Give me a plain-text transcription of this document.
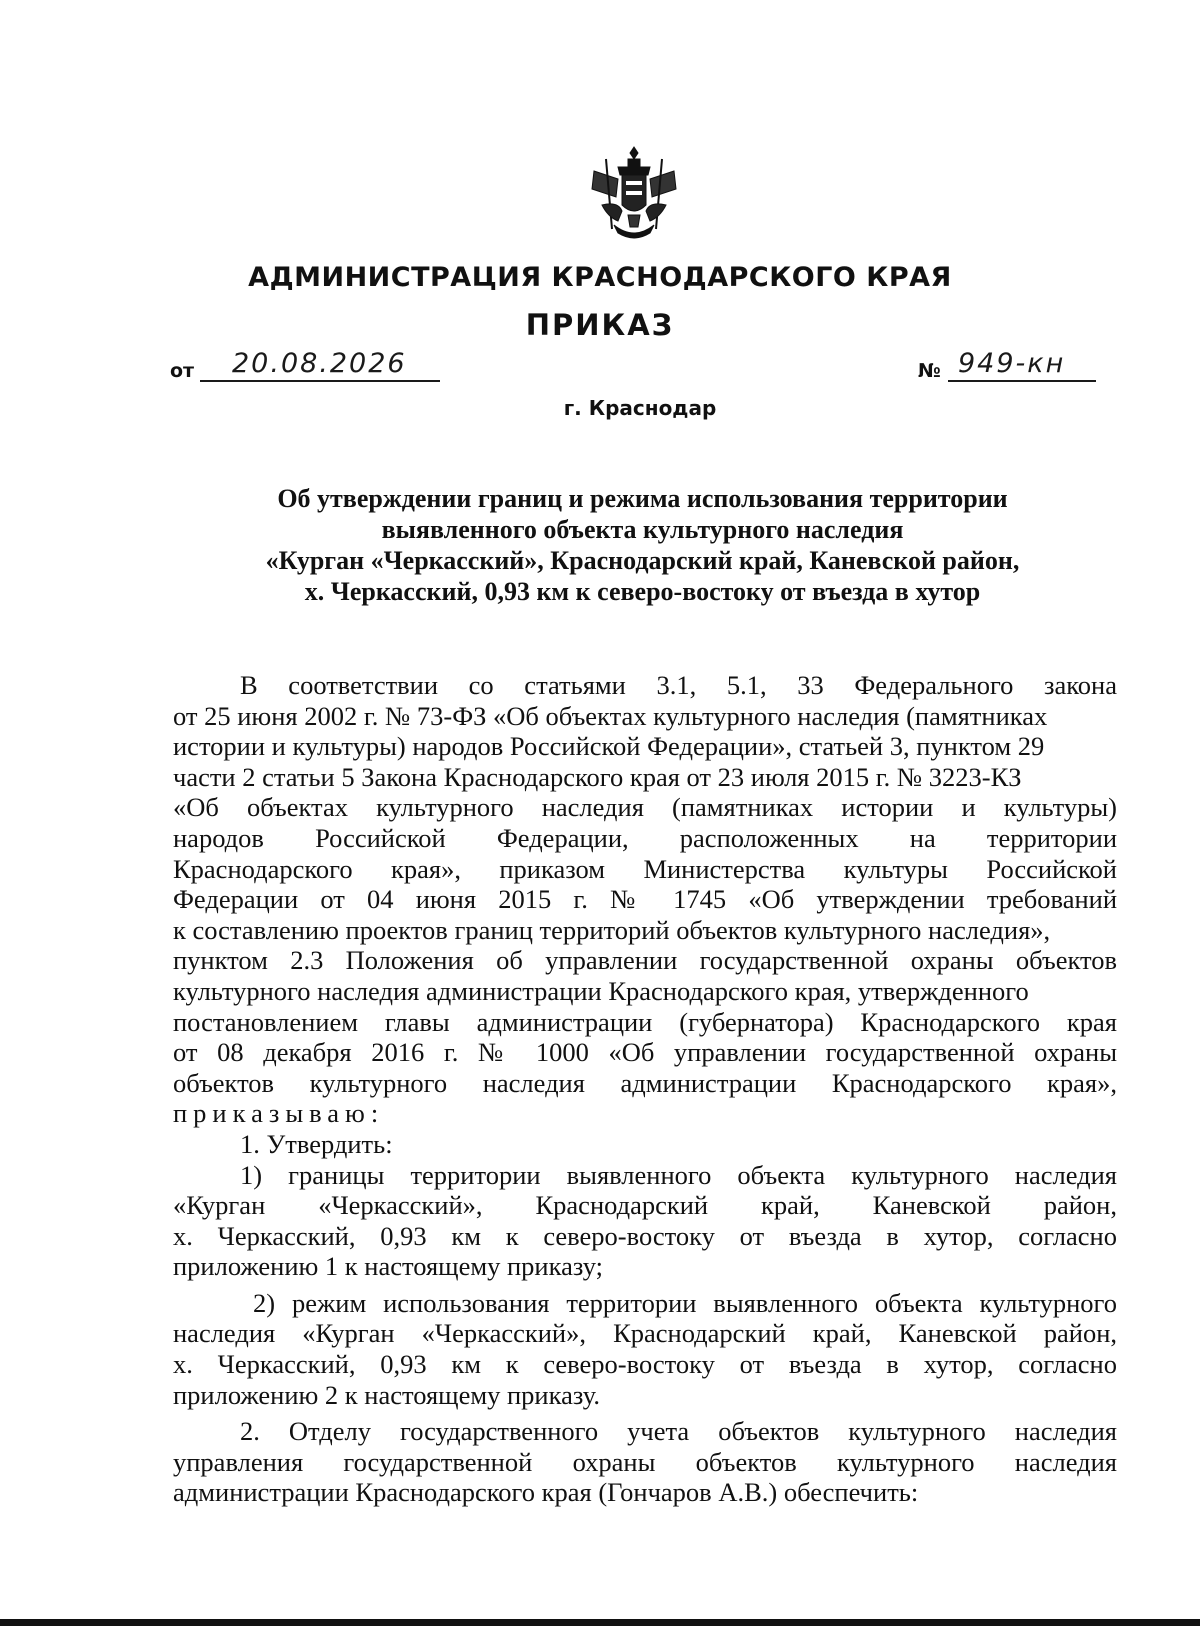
АДМИНИСТРАЦИЯ КРАСНОДАРСКОГО КРАЯ
ПРИКАЗ
от 20.08.2026	№ 949-кн
г. Краснодар
Об утверждении границ и режима использования территории
выявленного объекта культурного наследия
«Курган «Черкасский», Краснодарский край, Каневской район,
х. Черкасский, 0,93 км к северо-востоку от въезда в хутор
В соответствии со статьями 3.1, 5.1, 33 Федерального закона
от 25 июня 2002 г. № 73-ФЗ «Об объектах культурного наследия (памятниках
истории и культуры) народов Российской Федерации», статьей 3, пунктом 29
части 2 статьи 5 Закона Краснодарского края от 23 июля 2015 г. № 3223-КЗ
«Об объектах культурного наследия (памятниках истории и культуры)
народов Российской Федерации, расположенных на территории
Краснодарского края», приказом Министерства культуры Российской
Федерации от 04 июня 2015 г. № 1745 «Об утверждении требований
к составлению проектов границ территорий объектов культурного наследия»,
пунктом 2.3 Положения об управлении государственной охраны объектов
культурного наследия администрации Краснодарского края, утвержденного
постановлением главы администрации (губернатора) Краснодарского края
от 08 декабря 2016 г. № 1000 «Об управлении государственной охраны
объектов культурного наследия администрации Краснодарского края»,
приказываю:
1. Утвердить:
1) границы территории выявленного объекта культурного наследия
«Курган «Черкасский», Краснодарский край, Каневской район,
х. Черкасский, 0,93 км к северо-востоку от въезда в хутор, согласно
приложению 1 к настоящему приказу;
2) режим использования территории выявленного объекта культурного
наследия «Курган «Черкасский», Краснодарский край, Каневской район,
х. Черкасский, 0,93 км к северо-востоку от въезда в хутор, согласно
приложению 2 к настоящему приказу.
2. Отделу государственного учета объектов культурного наследия
управления государственной охраны объектов культурного наследия
администрации Краснодарского края (Гончаров А.В.) обеспечить:
